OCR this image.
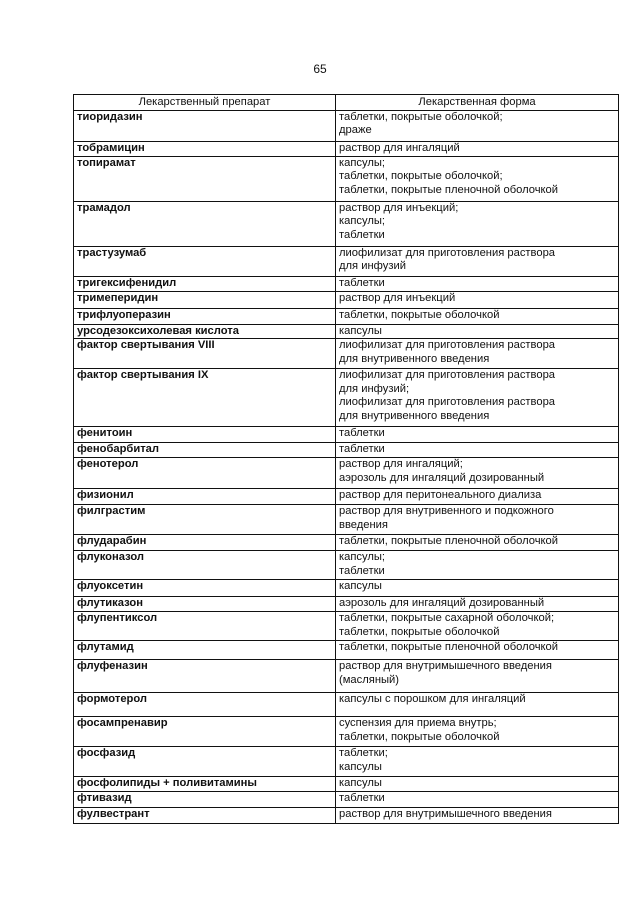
65
Лекарственный препарат	Лекарственная форма
тиоридазин	таблетки, покрытые оболочкой;
драже

тобрамицин	раствор для ингаляций

топирамат	капсулы;
таблетки, покрытые оболочкой;
таблетки, покрытые пленочной оболочкой

трамадол	раствор для инъекций;
капсулы;
таблетки

трастузумаб	лиофилизат для приготовления раствора
для инфузий

тригексифенидил	таблетки

тримеперидин	раствор для инъекций

трифлуоперазин	таблетки, покрытые оболочкой

урсодезоксихолевая кислота	капсулы

фактор свертывания VIII	лиофилизат для приготовления раствора
для внутривенного введения

фактор свертывания IX	лиофилизат для приготовления раствора
для инфузий;
лиофилизат для приготовления раствора
для внутривенного введения

фенитоин	таблетки

фенобарбитал	таблетки

фенотерол	раствор для ингаляций;
аэрозоль для ингаляций дозированный

физионил	раствор для перитонеального диализа

филграстим	раствор для внутривенного и подкожного
введения

флударабин	таблетки, покрытые пленочной оболочкой

флуконазол	капсулы;
таблетки

флуоксетин	капсулы

флутиказон	аэрозоль для ингаляций дозированный

флупентиксол	таблетки, покрытые сахарной оболочкой;
таблетки, покрытые оболочкой

флутамид	таблетки, покрытые пленочной оболочкой

флуфеназин	раствор для внутримышечного введения
(масляный)

формотерол	капсулы с порошком для ингаляций

фосампренавир	суспензия для приема внутрь;
таблетки, покрытые оболочкой

фосфазид	таблетки;
капсулы

фосфолипиды + поливитамины	капсулы

фтивазид	таблетки

фулвестрант	раствор для внутримышечного введения
